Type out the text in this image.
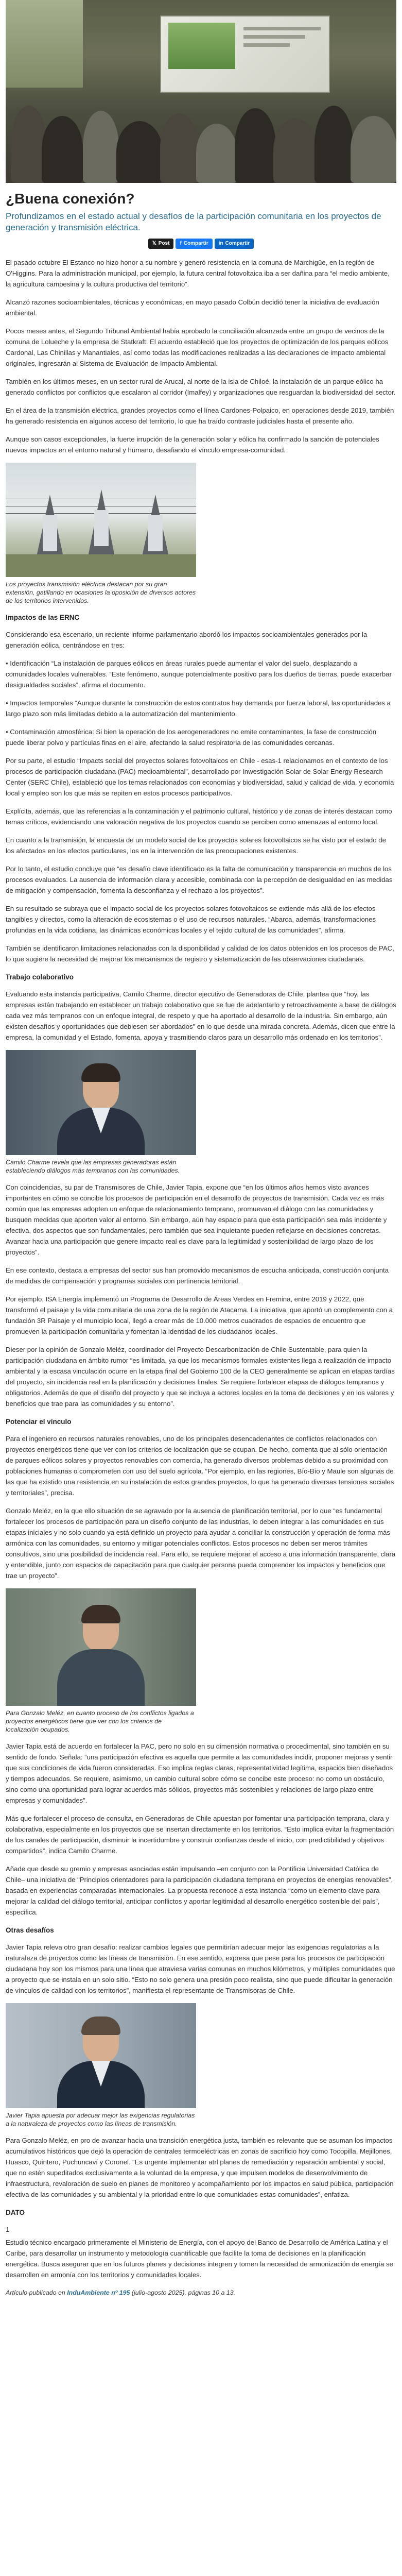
¿Buena conexión?

Profundizamos en el estado actual y desafíos de la participación comunitaria en los proyectos de generación y transmisión eléctrica.

𝕏 Post f Compartir in Compartir

El pasado octubre El Estanco no hizo honor a su nombre y generó resistencia en la comuna de Marchigüe, en la región de O'Higgins. Para la administración municipal, por ejemplo, la futura central fotovoltaica iba a ser dañina para “el medio ambiente, la agricultura campesina y la cultura productiva del territorio”.

Alcanzó razones socioambientales, técnicas y económicas, en mayo pasado Colbún decidió tener la iniciativa de evaluación ambiental.

Pocos meses antes, el Segundo Tribunal Ambiental había aprobado la conciliación alcanzada entre un grupo de vecinos de la comuna de Lolueche y la empresa de Statkraft. El acuerdo estableció que los proyectos de optimización de los parques eólicos Cardonal, Las Chinillas y Manantiales, así como todas las modificaciones realizadas a las declaraciones de impacto ambiental originales, ingresarán al Sistema de Evaluación de Impacto Ambiental.

También en los últimos meses, en un sector rural de Arucal, al norte de la isla de Chiloé, la instalación de un parque eólico ha generado conflictos por conflictos que escalaron al corridor (Imalfey) y organizaciones que resguardan la biodiversidad del sector.

En el área de la transmisión eléctrica, grandes proyectos como el línea Cardones-Polpaico, en operaciones desde 2019, también ha generado resistencia en algunos acceso del territorio, lo que ha traído contraste judiciales hasta el presente año.

Aunque son casos excepcionales, la fuerte irrupción de la generación solar y eólica ha confirmado la sanción de potenciales nuevos impactos en el entorno natural y humano, desafiando el vínculo empresa-comunidad.

Los proyectos transmisión eléctrica destacan por su gran extensión, gatillando en ocasiones la oposición de diversos actores de los territorios intervenidos.

Impactos de las ERNC

Considerando esa escenario, un reciente informe parlamentario abordó los impactos socioambientales generados por la generación eólica, centrándose en tres:

• Identificación “La instalación de parques eólicos en áreas rurales puede aumentar el valor del suelo, desplazando a comunidades locales vulnerables. “Este fenómeno, aunque potencialmente positivo para los dueños de tierras, puede exacerbar desigualdades sociales”, afirma el documento.

• Impactos temporales “Aunque durante la construcción de estos contratos hay demanda por fuerza laboral, las oportunidades a largo plazo son más limitadas debido a la automatización del mantenimiento.

• Contaminación atmosférica: Si bien la operación de los aerogeneradores no emite contaminantes, la fase de construcción puede liberar polvo y partículas finas en el aire, afectando la salud respiratoria de las comunidades cercanas.

Por su parte, el estudio “Impacts social del proyectos solares fotovoltaicos en Chile - esas-1 relacionamos en el contexto de los procesos de participación ciudadana (PAC) medioambiental”, desarrollado por Inwestigación Solar de Solar Energy Research Center (SERC Chile), estableció que los temas relacionados con economías y biodiversidad, salud y calidad de vida, y economía local y empleo son los que más se repiten en estos procesos participativos.

Explícita, además, que las referencias a la contaminación y el patrimonio cultural, histórico y de zonas de interés destacan como temas críticos, evidenciando una valoración negativa de los proyectos cuando se perciben como amenazas al entorno local.

En cuanto a la transmisión, la encuesta de un modelo social de los proyectos solares fotovoltaicos se ha visto por el estado de los afectados en los efectos particulares, los en la intervención de las preocupaciones existentes.

Por lo tanto, el estudio concluye que “es desafío clave identificado es la falta de comunicación y transparencia en muchos de los procesos evaluados. La ausencia de información clara y accesible, combinada con la percepción de desigualdad en las medidas de mitigación y compensación, fomenta la desconfianza y el rechazo a los proyectos”.

En su resultado se subraya que el impacto social de los proyectos solares fotovoltaicos se extiende más allá de los efectos tangibles y directos, como la alteración de ecosistemas o el uso de recursos naturales. “Abarca, además, transformaciones profundas en la vida cotidiana, las dinámicas económicas locales y el tejido cultural de las comunidades”, afirma.

También se identificaron limitaciones relacionadas con la disponibilidad y calidad de los datos obtenidos en los procesos de PAC, lo que sugiere la necesidad de mejorar los mecanismos de registro y sistematización de las observaciones ciudadanas.

Trabajo colaborativo

Evaluando esta instancia participativa, Camilo Charme, director ejecutivo de Generadoras de Chile, plantea que “hoy, las empresas están trabajando en establecer un trabajo colaborativo que se fue de adelantarlo y retroactivamente a base de diálogos cada vez más tempranos con un enfoque integral, de respeto y que ha aportado al desarrollo de la industria. Sin embargo, aún existen desafíos y oportunidades que debiesen ser abordados” en lo que desde una mirada concreta. Además, dicen que entre la empresa, la comunidad y el Estado, fomenta, apoya y trasmitiendo claros para un desarrollo más ordenado en los territorios”.

Camilo Charme revela que las empresas generadoras están estableciendo diálogos más tempranos con las comunidades.

Con coincidencias, su par de Transmisores de Chile, Javier Tapia, expone que “en los últimos años hemos visto avances importantes en cómo se concibe los procesos de participación en el desarrollo de proyectos de transmisión. Cada vez es más común que las empresas adopten un enfoque de relacionamiento temprano, promuevan el diálogo con las comunidades y busquen medidas que aporten valor al entorno. Sin embargo, aún hay espacio para que esta participación sea más incidente y efectiva, dos aspectos que son fundamentales, pero también que sea inquietante pueden reflejarse en decisiones concretas. Avanzar hacia una participación que genere impacto real es clave para la legitimidad y sostenibilidad de largo plazo de los proyectos”.

En ese contexto, destaca a empresas del sector sus han promovido mecanismos de escucha anticipada, construcción conjunta de medidas de compensación y programas sociales con pertinencia territorial.

Por ejemplo, ISA Energía implementó un Programa de Desarrollo de Áreas Verdes en Fremina, entre 2019 y 2022, que transformó el paisaje y la vida comunitaria de una zona de la región de Atacama. La iniciativa, que aportó un complemento con a fundación 3R Paisaje y el municipio local, llegó a crear más de 10.000 metros cuadrados de espacios de encuentro que promueven la participación comunitaria y fomentan la identidad de los ciudadanos locales.

Dieser por la opinión de Gonzalo Meléz, coordinador del Proyecto Descarbonización de Chile Sustentable, para quien la participación ciudadana en ámbito rumor “es limitada, ya que los mecanismos formales existentes llega a realización de impacto ambiental y la escasa vinculación ocurre en la etapa final del Gobierno 100 de la CEO generalmente se aplican en etapas tardías del proyecto, sin incidencia real en la planificación y decisiones finales. Se requiere fortalecer etapas de diálogos tempranos y obligatorios. Además de que el diseño del proyecto y que se incluya a actores locales en la toma de decisiones y en los valores y beneficios que trae para las comunidades y su entorno”.

Potenciar el vínculo

Para el ingeniero en recursos naturales renovables, uno de los principales desencadenantes de conflictos relacionados con proyectos energéticos tiene que ver con los criterios de localización que se ocupan. De hecho, comenta que al sólo orientación de parques eólicos solares y proyectos renovables con comercia, ha generado diversos problemas debido a su proximidad con poblaciones humanas o comprometen con uso del suelo agrícola. “Por ejemplo, en las regiones, Bío-Bío y Maule son algunas de las que ha existido una resistencia en su instalación de estos grandes proyectos, lo que ha generado diversas tensiones sociales y territoriales”, precisa.

Gonzalo Meléz, en la que ello situación de se agravado por la ausencia de planificación territorial, por lo que “es fundamental fortalecer los procesos de participación para un diseño conjunto de las industrias, lo deben integrar a las comunidades en sus etapas iniciales y no solo cuando ya está definido un proyecto para ayudar a conciliar la construcción y operación de forma más armónica con las comunidades, su entorno y mitigar potenciales conflictos. Estos procesos no deben ser meros trámites consultivos, sino una posibilidad de incidencia real. Para ello, se requiere mejorar el acceso a una información transparente, clara y entendible, junto con espacios de capacitación para que cualquier persona pueda comprender los impactos y beneficios que trae un proyecto”.

Para Gonzalo Meléz, en cuanto proceso de los conflictos ligados a proyectos energéticos tiene que ver con los criterios de localización ocupados.

Javier Tapia está de acuerdo en fortalecer la PAC, pero no solo en su dimensión normativa o procedimental, sino también en su sentido de fondo. Señala: “una participación efectiva es aquella que permite a las comunidades incidir, proponer mejoras y sentir que sus condiciones de vida fueron consideradas. Eso implica reglas claras, representatividad legítima, espacios bien diseñados y tiempos adecuados. Se requiere, asimismo, un cambio cultural sobre cómo se concibe este proceso: no como un obstáculo, sino como una oportunidad para lograr acuerdos más sólidos, proyectos más sostenibles y relaciones de largo plazo entre empresas y comunidades”.

Más que fortalecer el proceso de consulta, en Generadoras de Chile apuestan por fomentar una participación temprana, clara y colaborativa, especialmente en los proyectos que se insertan directamente en los territorios. “Esto implica evitar la fragmentación de los canales de participación, disminuir la incertidumbre y construir confianzas desde el inicio, con predictibilidad y objetivos compartidos”, indica Camilo Charme.

Añade que desde su gremio y empresas asociadas están impulsando –en conjunto con la Pontificia Universidad Católica de Chile– una iniciativa de “Principios orientadores para la participación ciudadana temprana en proyectos de energías renovables”, basada en experiencias comparadas internacionales. La propuesta reconoce a esta instancia “como un elemento clave para mejorar la calidad del diálogo territorial, anticipar conflictos y aportar legitimidad al desarrollo energético sostenible del país”, especifica.

Otras desafíos

Javier Tapia releva otro gran desafío: realizar cambios legales que permitirían adecuar mejor las exigencias regulatorias a la naturaleza de proyectos como las líneas de transmisión. En ese sentido, expresa que pese para los procesos de participación ciudadana hoy son los mismos para una línea que atraviesa varias comunas en muchos kilómetros, y múltiples comunidades que a proyecto que se instala en un solo sitio. “Esto no solo genera una presión poco realista, sino que puede dificultar la generación de vínculos de calidad con los territorios”, manifiesta el representante de Transmisoras de Chile.

Javier Tapia apuesta por adecuar mejor las exigencias regulatorias a la naturaleza de proyectos como las líneas de transmisión.

Para Gonzalo Meléz, en pro de avanzar hacia una transición energética justa, también es relevante que se asuman los impactos acumulativos históricos que dejó la operación de centrales termoeléctricas en zonas de sacrificio hoy como Tocopilla, Mejillones, Huasco, Quintero, Puchuncaví y Coronel. “Es urgente implementar atrl planes de remediación y reparación ambiental y social, que no estén supeditados exclusivamente a la voluntad de la empresa, y que impulsen modelos de desenvolvimiento de infraestructura, revaloración de suelo en planes de monitoreo y acompañamiento por los impactos en salud pública, participación efectiva de las comunidades y su ambiental y la prioridad entre lo que comunidades estas comunidades”, enfatiza.

DATO

1

Estudio técnico encargado primeramente el Ministerio de Energía, con el apoyo del Banco de Desarrollo de América Latina y el Caribe, para desarrollar un instrumento y metodología cuantificable que facilite la toma de decisiones en la planificación energética. Busca asegurar que en los futuros planes y decisiones integren y tomen la necesidad de armonización de energía se desarrollen en armonía con los territorios y comunidades locales.

Artículo publicado en InduAmbiente nº 195 (julio-agosto 2025), páginas 10 a 13.
